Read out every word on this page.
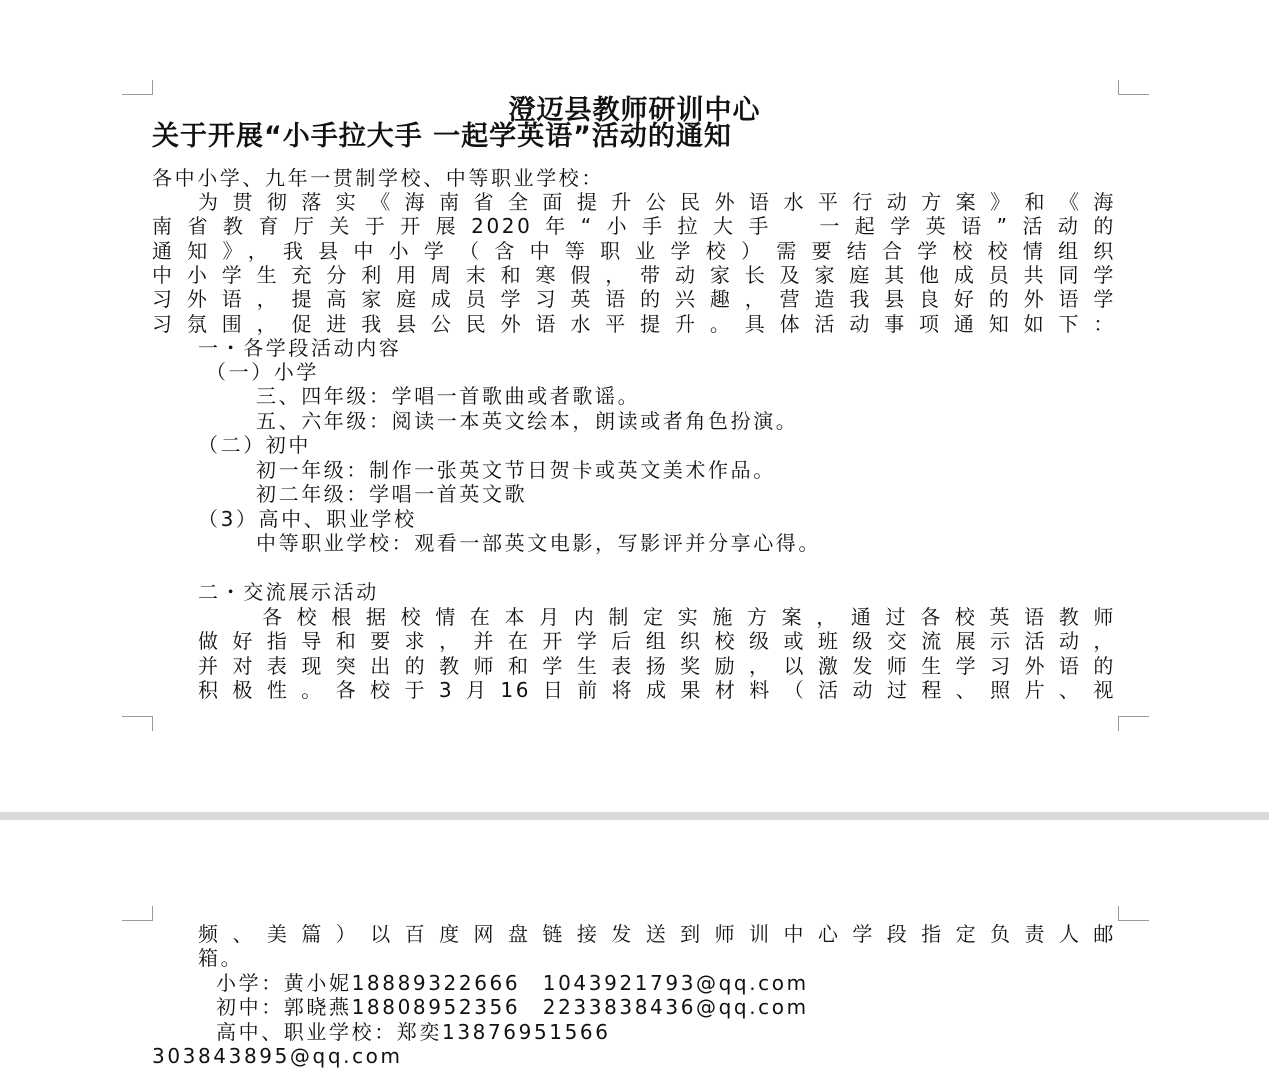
澄迈县教师研训中心
关于开展“小手拉大手 一起学英语”活动的通知
各中小学、九年一贯制学校、中等职业学校：
为贯彻落实《海南省全面提升公民外语水平行动方案》和《海
南省教育厅关于开展2020年“小手拉大手　一起学英语”活动的
通知》，我县中小学（含中等职业学校）需要结合学校校情组织
中小学生充分利用周末和寒假，带动家长及家庭其他成员共同学
习外语，提高家庭成员学习英语的兴趣，营造我县良好的外语学
习氛围，促进我县公民外语水平提升。具体活动事项通知如下：
一・各学段活动内容
（一）小学
三、四年级：学唱一首歌曲或者歌谣。
五、六年级：阅读一本英文绘本，朗读或者角色扮演。
（二）初中
初一年级：制作一张英文节日贺卡或英文美术作品。
初二年级：学唱一首英文歌
（3）高中、职业学校
中等职业学校：观看一部英文电影，写影评并分享心得。
二・交流展示活动
各校根据校情在本月内制定实施方案，通过各校英语教师
做好指导和要求，并在开学后组织校级或班级交流展示活动，
并对表现突出的教师和学生表扬奖励，以激发师生学习外语的
积极性。各校于3月16日前将成果材料（活动过程、照片、视
频、美篇）以百度网盘链接发送到师训中心学段指定负责人邮
箱。
小学：黄小妮18889322666　1043921793@qq.com
初中：郭晓燕18808952356　2233838436@qq.com
高中、职业学校：郑奕13876951566
303843895@qq.com
